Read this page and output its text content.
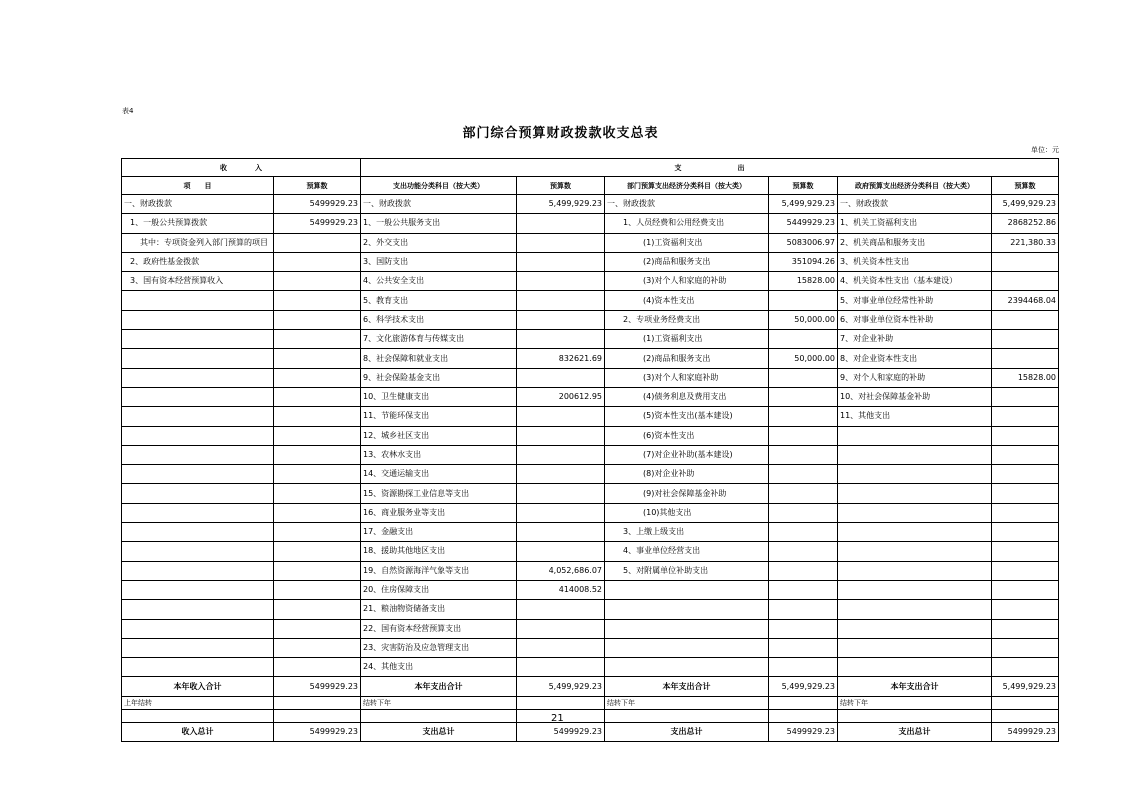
表4
部门综合预算财政拨款收支总表
单位：元
收　　　　入		支　　　　　　　　出					
项　　目	预算数	支出功能分类科目（按大类）	预算数	部门预算支出经济分类科目（按大类）	预算数	政府预算支出经济分类科目（按大类）	预算数
一、财政拨款	5499929.23	一、财政拨款	5,499,929.23	一、财政拨款	5,499,929.23	一、财政拨款	5,499,929.23
1、一般公共预算拨款	5499929.23	1、一般公共服务支出		1、人员经费和公用经费支出	5449929.23	1、机关工资福利支出	2868252.86
其中：专项资金列入部门预算的项目		2、外交支出		(1)工资福利支出	5083006.97	2、机关商品和服务支出	221,380.33
2、政府性基金拨款		3、国防支出		(2)商品和服务支出	351094.26	3、机关资本性支出	
3、国有资本经营预算收入		4、公共安全支出		(3)对个人和家庭的补助	15828.00	4、机关资本性支出（基本建设）	
		5、教育支出		(4)资本性支出		5、对事业单位经常性补助	2394468.04
		6、科学技术支出		2、专项业务经费支出	50,000.00	6、对事业单位资本性补助	
		7、文化旅游体育与传媒支出		(1)工资福利支出		7、对企业补助	
		8、社会保障和就业支出	832621.69	(2)商品和服务支出	50,000.00	8、对企业资本性支出	
		9、社会保险基金支出		(3)对个人和家庭补助		9、对个人和家庭的补助	15828.00
		10、卫生健康支出	200612.95	(4)债务利息及费用支出		10、对社会保障基金补助	
		11、节能环保支出		(5)资本性支出(基本建设)		11、其他支出	
		12、城乡社区支出		(6)资本性支出			
		13、农林水支出		(7)对企业补助(基本建设)			
		14、交通运输支出		(8)对企业补助			
		15、资源勘探工业信息等支出		(9)对社会保障基金补助			
		16、商业服务业等支出		(10)其他支出			
		17、金融支出		3、上缴上级支出			
		18、援助其他地区支出		4、事业单位经营支出			
		19、自然资源海洋气象等支出	4,052,686.07	5、对附属单位补助支出			
		20、住房保障支出	414008.52				
		21、粮油物资储备支出					
		22、国有资本经营预算支出					
		23、灾害防治及应急管理支出					
		24、其他支出					
本年收入合计	5499929.23	本年支出合计	5,499,929.23	本年支出合计	5,499,929.23	本年支出合计	5,499,929.23
上年结转		结转下年		结转下年		结转下年	

收入总计	5499929.23	支出总计	5499929.23	支出总计	5499929.23	支出总计	5499929.23
21
